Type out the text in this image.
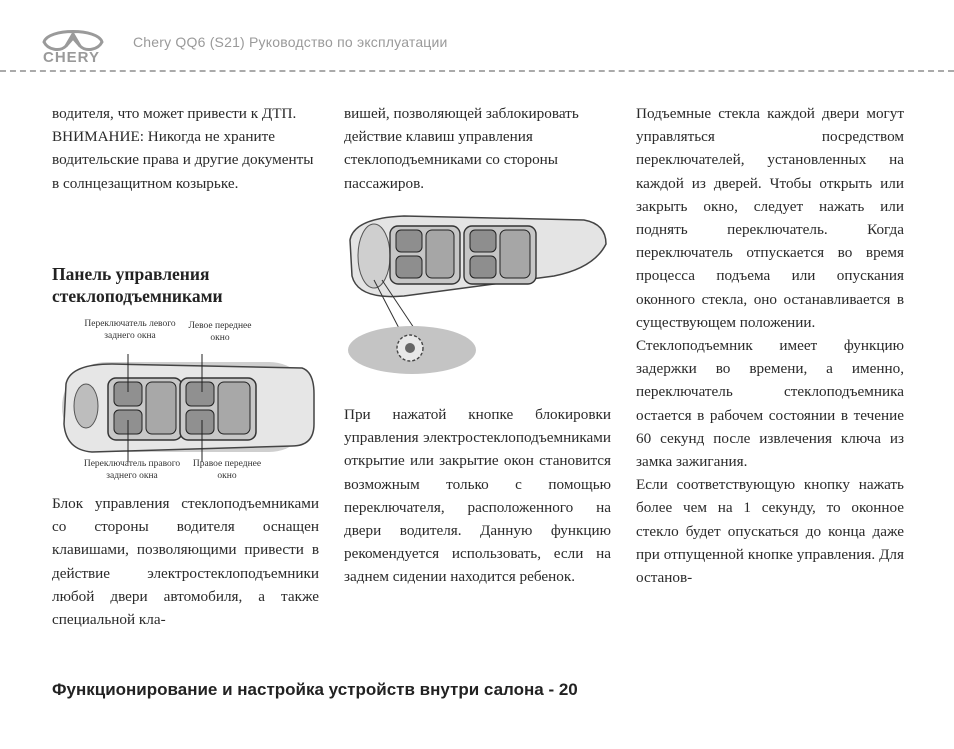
CHERY
Chery QQ6 (S21) Руководство по эксплуатации

водителя, что может привести к ДТП.

ВНИМАНИЕ: Никогда не храните водительские права и другие документы в солнцезащитном козырьке.

Панель управления стеклоподъемниками
Переключатель левого заднего окна
Левое переднее окно
Переключатель правого заднего окна
Правое переднее окно

Блок управления стеклоподъемниками со стороны водителя оснащен клавишами, позволяющими привести в действие электростеклоподъемники любой двери автомобиля, а также специальной кла-

вишей, позволяющей заблокировать действие клавиш управления стеклоподъемниками со стороны пассажиров.

При нажатой кнопке блокировки управления электростеклоподъемниками открытие или закрытие окон становится возможным только с помощью переключателя, расположенного на двери водителя. Данную функцию рекомендуется использовать, если на заднем сидении находится ребенок.

Подъемные стекла каждой двери могут управляться посредством переключателей, установленных на каждой из дверей. Чтобы открыть или закрыть окно, следует нажать или поднять переключатель. Когда переключатель отпускается во время процесса подъема или опускания оконного стекла, оно останавливается в существующем положении.

Стеклоподъемник имеет функцию задержки во времени, а именно, переключатель стеклоподъемника остается в рабочем состоянии в течение 60 секунд после извлечения ключа из замка зажигания.

Если соответствующую кнопку нажать более чем на 1 секунду, то оконное стекло будет опускаться до конца даже при отпущенной кнопке управления. Для останов-

Функционирование и настройка устройств внутри салона - 20
